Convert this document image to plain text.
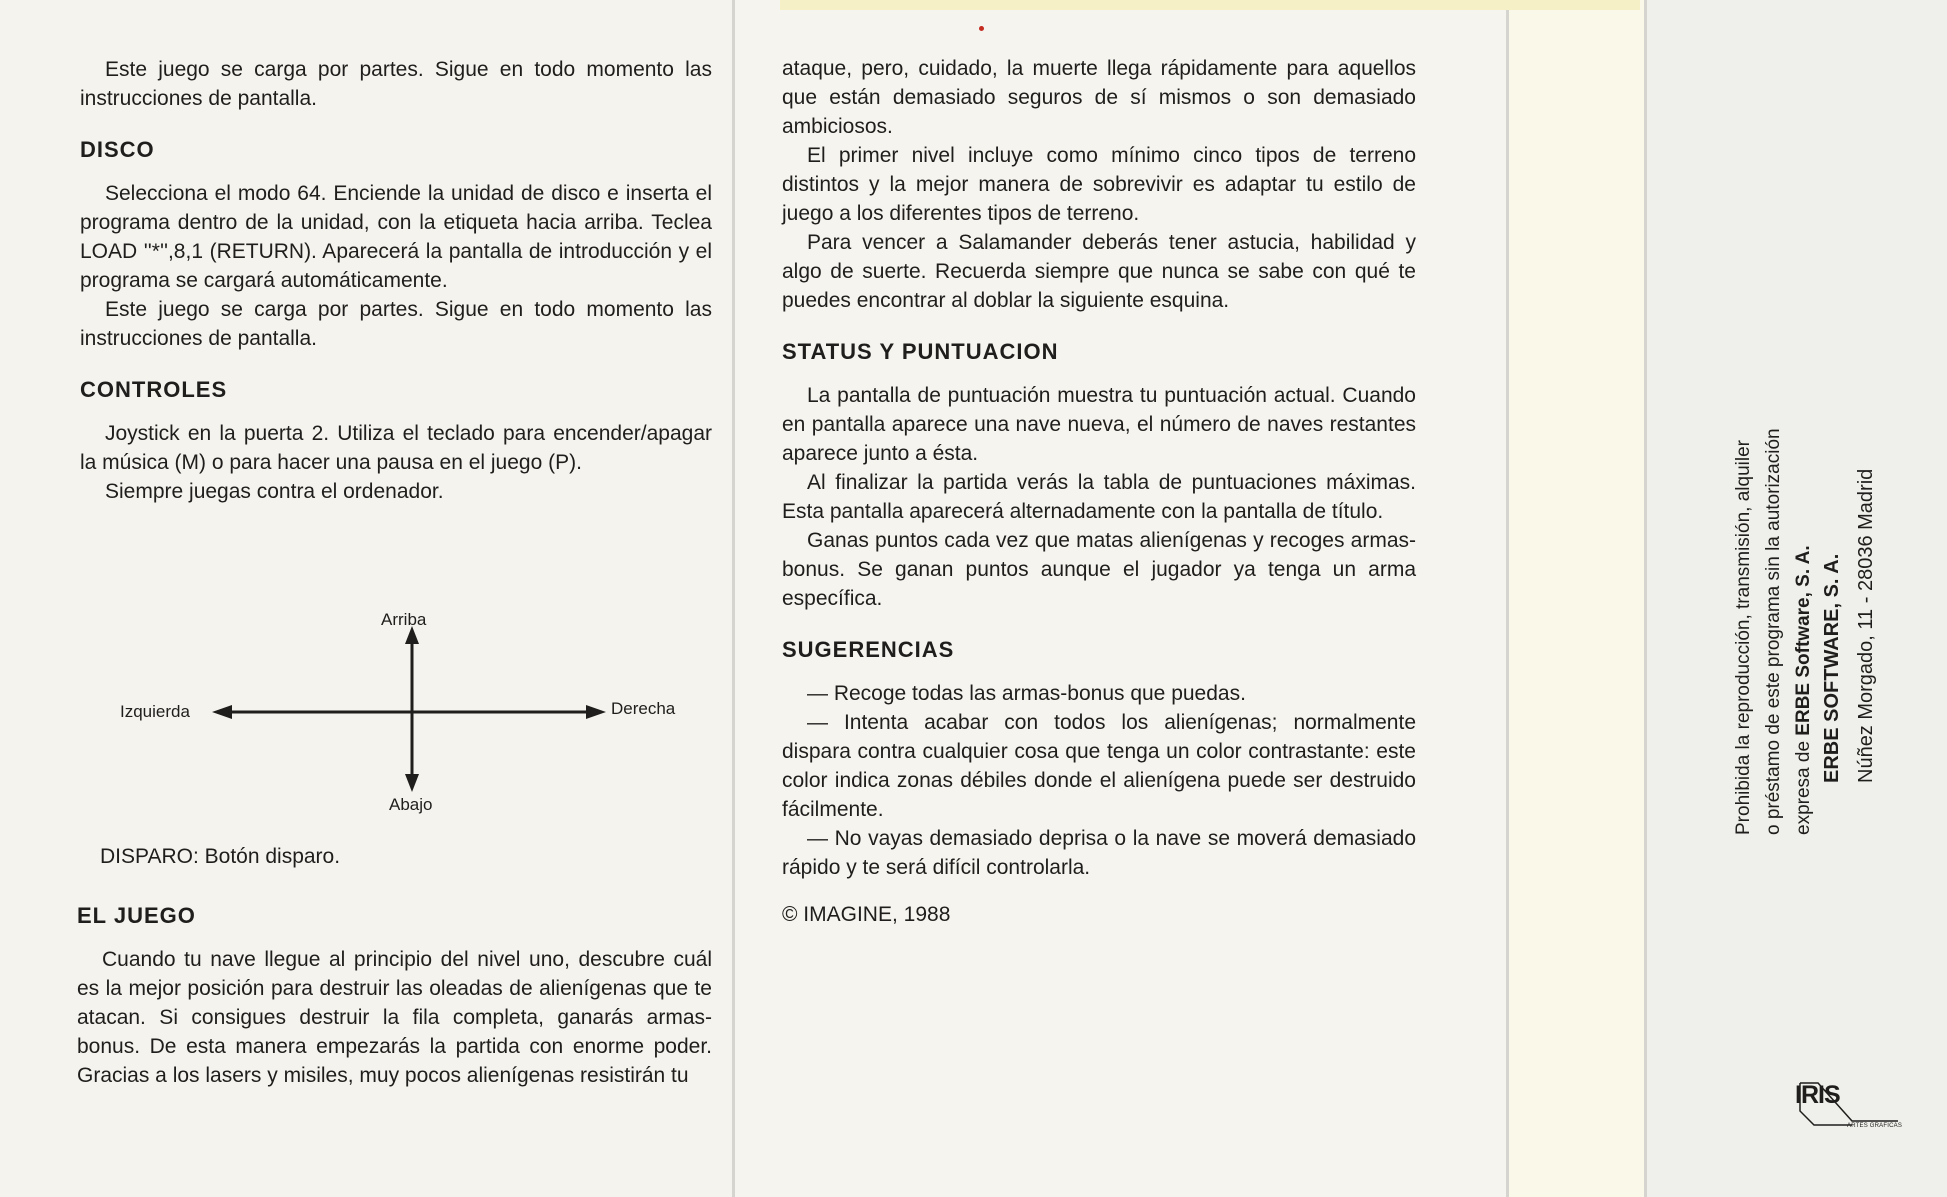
Este juego se carga por partes. Sigue en todo momento las instrucciones de pantalla.

DISCO

Selecciona el modo 64. Enciende la unidad de disco e inserta el programa dentro de la unidad, con la etiqueta hacia arriba. Teclea LOAD ''*'',8,1 (RETURN). Aparecerá la pantalla de introducción y el programa se cargará automáticamente.

Este juego se carga por partes. Sigue en todo momento las instrucciones de pantalla.

CONTROLES

Joystick en la puerta 2. Utiliza el teclado para encender/apagar la música (M) o para hacer una pausa en el juego (P).

Siempre juegas contra el ordenador.

Arriba
Izquierda	Derecha
Abajo

DISPARO: Botón disparo.

EL JUEGO

Cuando tu nave llegue al principio del nivel uno, descubre cuál es la mejor posición para destruir las oleadas de alienígenas que te atacan. Si consigues destruir la fila completa, ganarás armas-bonus. De esta manera empezarás la partida con enorme poder. Gracias a los lasers y misiles, muy pocos alienígenas resistirán tu

ataque, pero, cuidado, la muerte llega rápidamente para aquellos que están demasiado seguros de sí mismos o son demasiado ambiciosos.

El primer nivel incluye como mínimo cinco tipos de terreno distintos y la mejor manera de sobrevivir es adaptar tu estilo de juego a los diferentes tipos de terreno.

Para vencer a Salamander deberás tener astucia, habilidad y algo de suerte. Recuerda siempre que nunca se sabe con qué te puedes encontrar al doblar la siguiente esquina.

STATUS Y PUNTUACION

La pantalla de puntuación muestra tu puntuación actual. Cuando en pantalla aparece una nave nueva, el número de naves restantes aparece junto a ésta.

Al finalizar la partida verás la tabla de puntuaciones máximas. Esta pantalla aparecerá alternadamente con la pantalla de título.

Ganas puntos cada vez que matas alienígenas y recoges armas-bonus. Se ganan puntos aunque el jugador ya tenga un arma específica.

SUGERENCIAS

— Recoge todas las armas-bonus que puedas.

— Intenta acabar con todos los alienígenas; normalmente dispara contra cualquier cosa que tenga un color contrastante: este color indica zonas débiles donde el alienígena puede ser destruido fácilmente.

— No vayas demasiado deprisa o la nave se moverá demasiado rápido y te será difícil controlarla.

© IMAGINE, 1988

Prohibida la reproducción, transmisión, alquiler o préstamo de este programa sin la autorización expresa de ERBE Software, S. A. ERBE SOFTWARE, S. A. Núñez Morgado, 11 - 28036 Madrid
IRIS
ARTES GRAFICAS
